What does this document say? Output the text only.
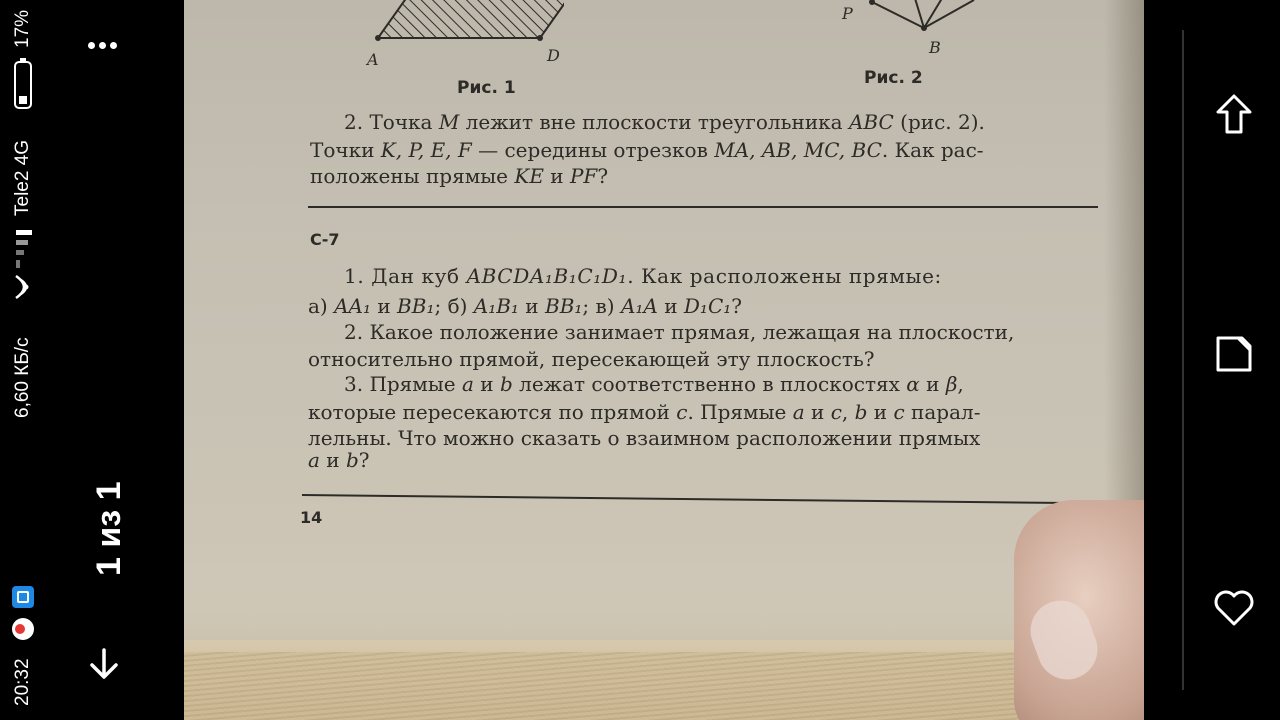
17%
Tele2 4G
6,60 КБ/с
20:32
1 из 1
A	D
Рис. 1
P
B
Рис. 2
2. Точка M лежит вне плоскости треугольника ABC (рис. 2).
Точки K, P, E, F — середины отрезков MA, AB, MC, BC. Как рас-
положены прямые KE и PF?
С-7
1. Дан куб ABCDA₁B₁C₁D₁. Как расположены прямые:
а) AA₁ и BB₁; б) A₁B₁ и BB₁; в) A₁A и D₁C₁?
2. Какое положение занимает прямая, лежащая на плоскости,
относительно прямой, пересекающей эту плоскость?
3. Прямые a и b лежат соответственно в плоскостях α и β,
которые пересекаются по прямой c. Прямые a и c, b и c парал-
лельны. Что можно сказать о взаимном расположении прямых
a и b?
14
